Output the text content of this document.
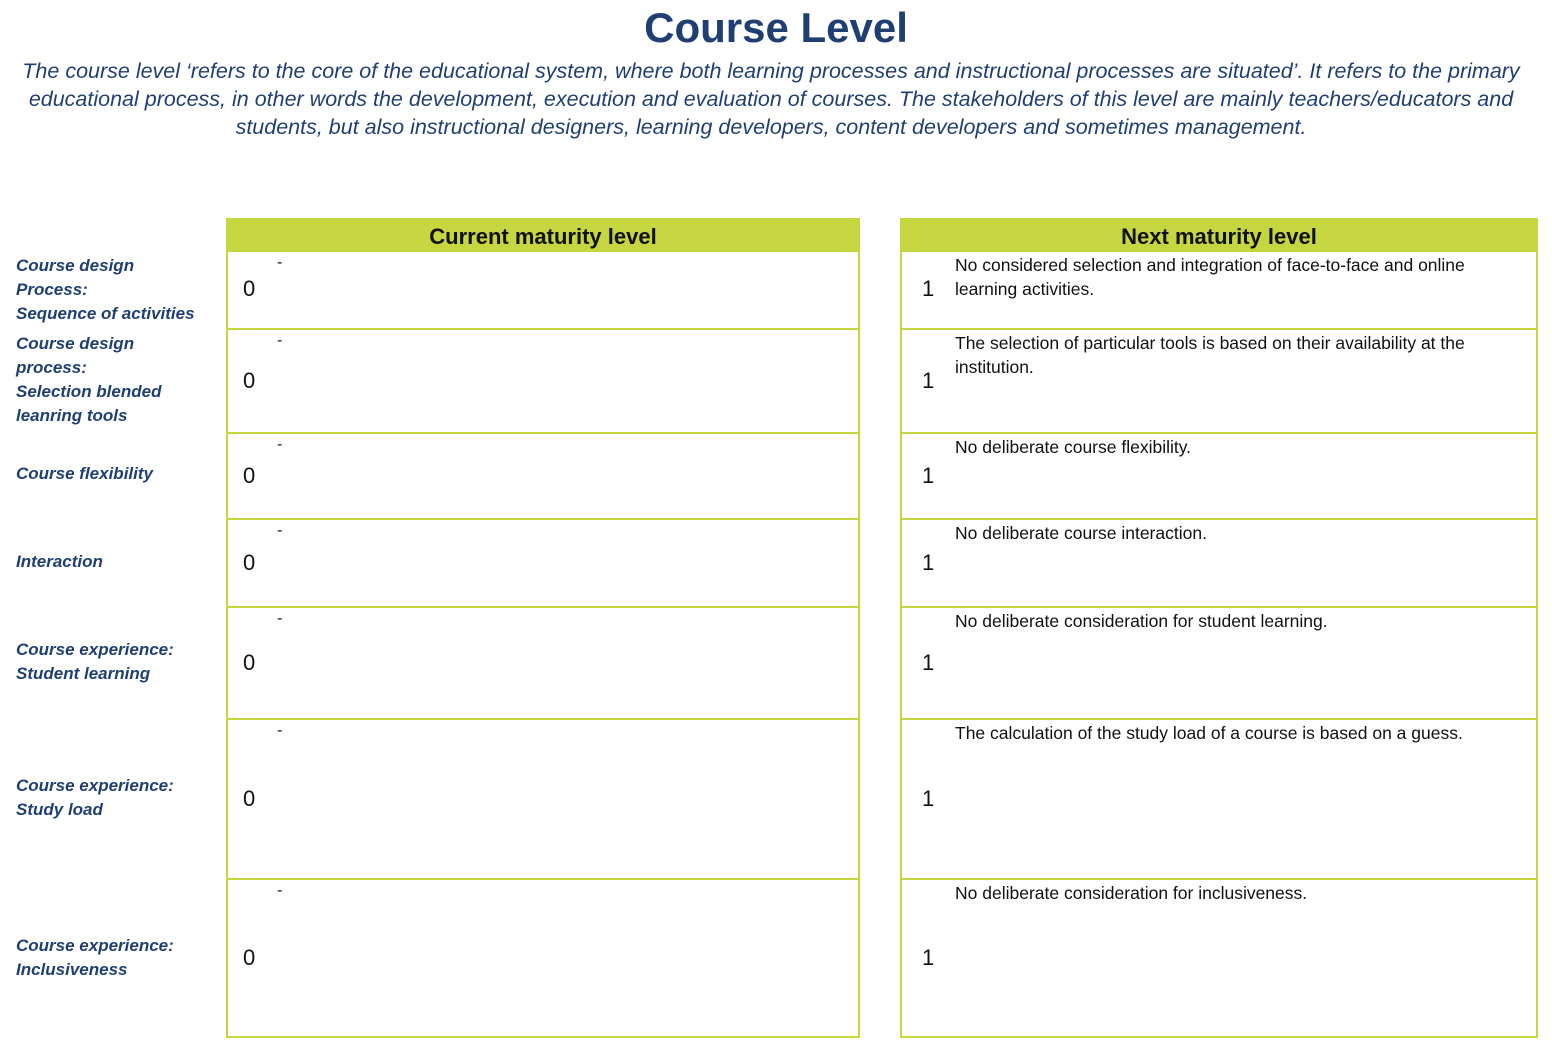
Course Level
The course level ‘refers to the core of the educational system, where both learning processes and instructional processes are situated’. It refers to the primary educational process, in other words the development, execution and evaluation of courses. The stakeholders of this level are mainly teachers/educators and students, but also instructional designers, learning developers, content developers and sometimes management.
Course design
Process:
Sequence of activities
Course design
process:
Selection blended
leanring tools
Course flexibility
Interaction
Course experience:
Student learning
Course experience:
Study load
Course experience:
Inclusiveness
Current maturity level
0
-
0
-
0
-
0
-
0
-
0
-
0
-
Next maturity level
1
No considered selection and integration of face-to-face and online learning activities.
1
The selection of particular tools is based on their availability at the institution.
1
No deliberate course flexibility.
1
No deliberate course interaction.
1
No deliberate consideration for student learning.
1
The calculation of the study load of a course is based on a guess.
1
No deliberate consideration for inclusiveness.
